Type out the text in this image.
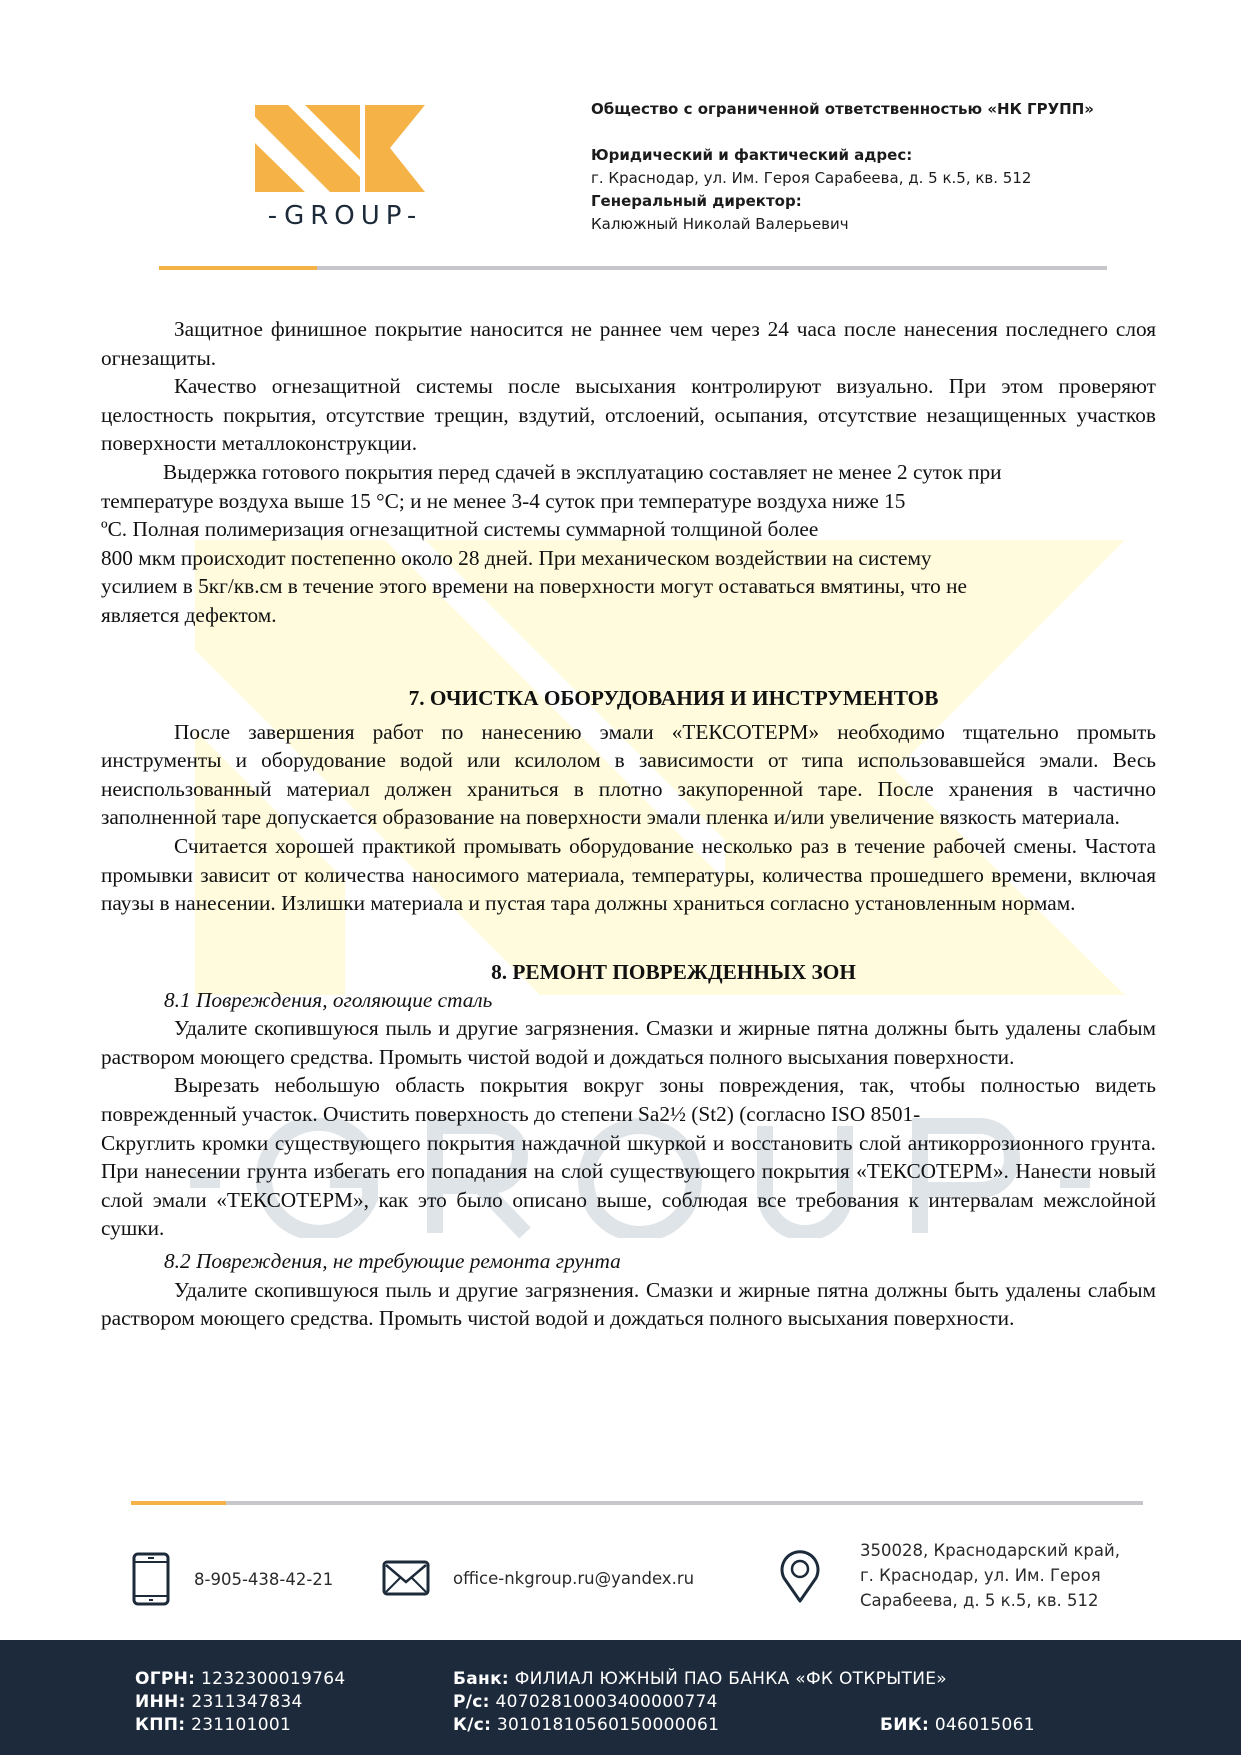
-GROUP-
Общество с ограниченной ответственностью «НК ГРУПП»
Юридический и фактический адрес:
г. Краснодар, ул. Им. Героя Сарабеева, д. 5 к.5, кв. 512
Генеральный директор:
Калюжный Николай Валерьевич

Защитное финишное покрытие наносится не раннее чем через 24 часа после нанесения последнего слоя огнезащиты.

Качество огнезащитной системы после высыхания контролируют визуально. При этом проверяют целостность покрытия, отсутствие трещин, вздутий, отслоений, осыпания, отсутствие незащищенных участков поверхности металлоконструкции.

Выдержка готового покрытия перед сдачей в эксплуатацию составляет не менее 2 суток при
температуре воздуха выше 15 °С; и не менее 3-4 суток при температуре воздуха ниже 15
ºС. Полная полимеризация огнезащитной системы суммарной толщиной более
800 мкм происходит постепенно около 28 дней. При механическом воздействии на систему
усилием в 5кг/кв.см в течение этого времени на поверхности могут оставаться вмятины, что не
является дефектом.
7. ОЧИСТКА ОБОРУДОВАНИЯ И ИНСТРУМЕНТОВ

После завершения работ по нанесению эмали «ТЕКСОТЕРМ» необходимо тщательно промыть инструменты и оборудование водой или ксилолом в зависимости от типа использовавшейся эмали. Весь неиспользованный материал должен храниться в плотно закупоренной таре. После хранения в частично заполненной таре допускается образование на поверхности эмали пленка и/или увеличение вязкость материала.

Считается хорошей практикой промывать оборудование несколько раз в течение рабочей смены. Частота промывки зависит от количества наносимого материала, температуры, количества прошедшего времени, включая паузы в нанесении. Излишки материала и пустая тара должны храниться согласно установленным нормам.

8. РЕМОНТ ПОВРЕЖДЕННЫХ ЗОН
8.1 Повреждения, оголяющие сталь

Удалите скопившуюся пыль и другие загрязнения. Смазки и жирные пятна должны быть удалены слабым раствором моющего средства. Промыть чистой водой и дождаться полного высыхания поверхности.

Вырезать небольшую область покрытия вокруг зоны повреждения, так, чтобы полностью видеть поврежденный участок. Очистить поверхность до степени Sa2½ (St2) (согласно ISO 8501-

Скруглить кромки существующего покрытия наждачной шкуркой и восстановить слой антикоррозионного грунта. При нанесении грунта избегать его попадания на слой существующего покрытия «ТЕКСОТЕРМ». Нанести новый слой эмали «ТЕКСОТЕРМ», как это было описано выше, соблюдая все требования к интервалам межслойной сушки.

8.2 Повреждения, не требующие ремонта грунта

Удалите скопившуюся пыль и другие загрязнения. Смазки и жирные пятна должны быть удалены слабым раствором моющего средства. Промыть чистой водой и дождаться полного высыхания поверхности.

8-905-438-42-21	office-nkgroup.ru@yandex.ru
350028, Краснодарский край,
г. Краснодар, ул. Им. Героя
Сарабеева, д. 5 к.5, кв. 512
ОГРН: 1232300019764
ИНН: 2311347834
КПП: 231101001
Банк: ФИЛИАЛ ЮЖНЫЙ ПАО БАНКА «ФК ОТКРЫТИЕ»
Р/с: 40702810003400000774
К/с: 30101810560150000061	БИК: 046015061
